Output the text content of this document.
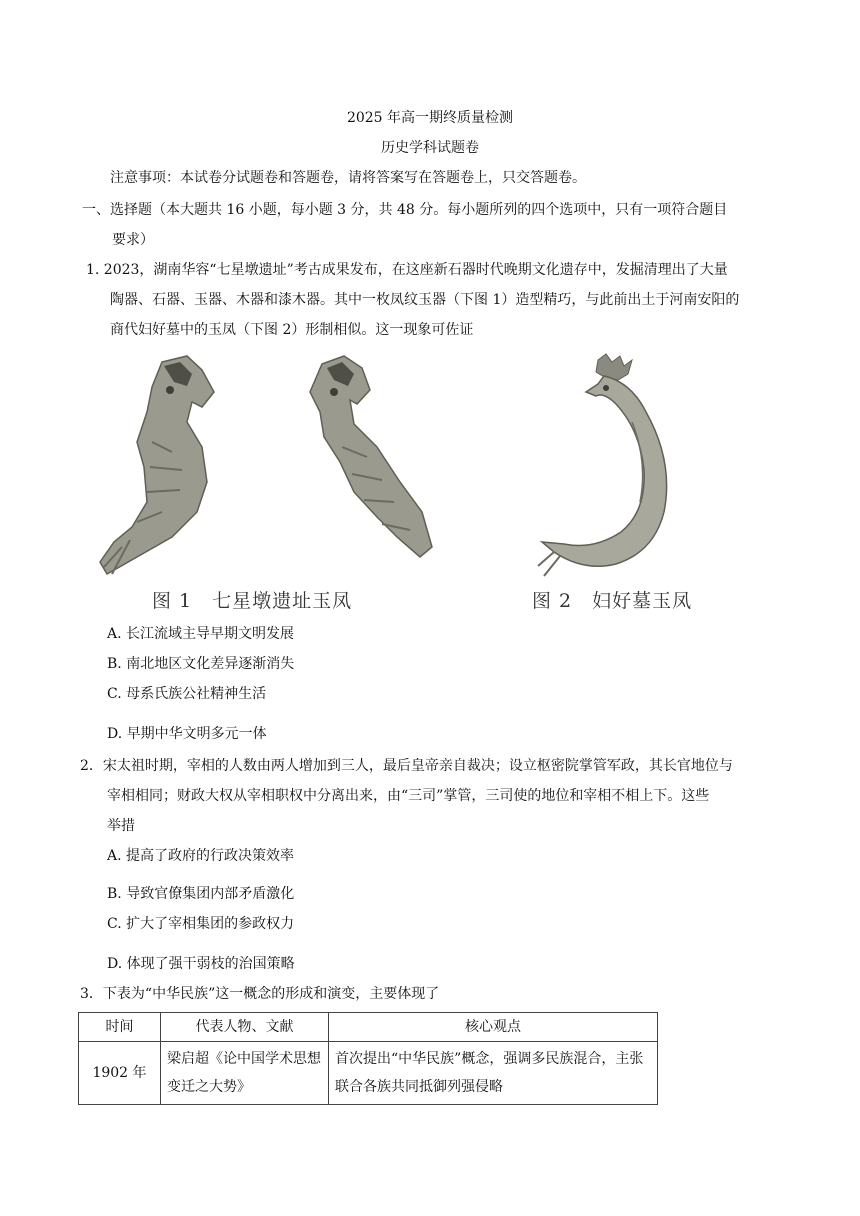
2025 年高一期终质量检测
历史学科试题卷
注意事项：本试卷分试题卷和答题卷，请将答案写在答题卷上，只交答题卷。
一、选择题（本大题共 16 小题，每小题 3 分，共 48 分。每小题所列的四个选项中，只有一项符合题目
要求）
1. 2023，湖南华容“七星墩遗址”考古成果发布，在这座新石器时代晚期文化遗存中，发掘清理出了大量
陶器、石器、玉器、木器和漆木器。其中一枚凤纹玉器（下图 1）造型精巧，与此前出土于河南安阳的
商代妇好墓中的玉凤（下图 2）形制相似。这一现象可佐证
图 1　七星墩遗址玉凤	图 2　妇好墓玉凤
A. 长江流域主导早期文明发展
B. 南北地区文化差异逐渐消失
C. 母系氏族公社精神生活
D. 早期中华文明多元一体
2．宋太祖时期，宰相的人数由两人增加到三人，最后皇帝亲自裁决；设立枢密院掌管军政，其长官地位与
宰相相同；财政大权从宰相职权中分离出来，由“三司”掌管，三司使的地位和宰相不相上下。这些
举措
A. 提高了政府的行政决策效率
B. 导致官僚集团内部矛盾激化
C. 扩大了宰相集团的参政权力
D. 体现了强干弱枝的治国策略
3．下表为“中华民族”这一概念的形成和演变，主要体现了
时间	代表人物、文献	核心观点
1902 年	梁启超《论中国学术思想变迁之大势》	首次提出“中华民族”概念，强调多民族混合，主张联合各族共同抵御列强侵略
